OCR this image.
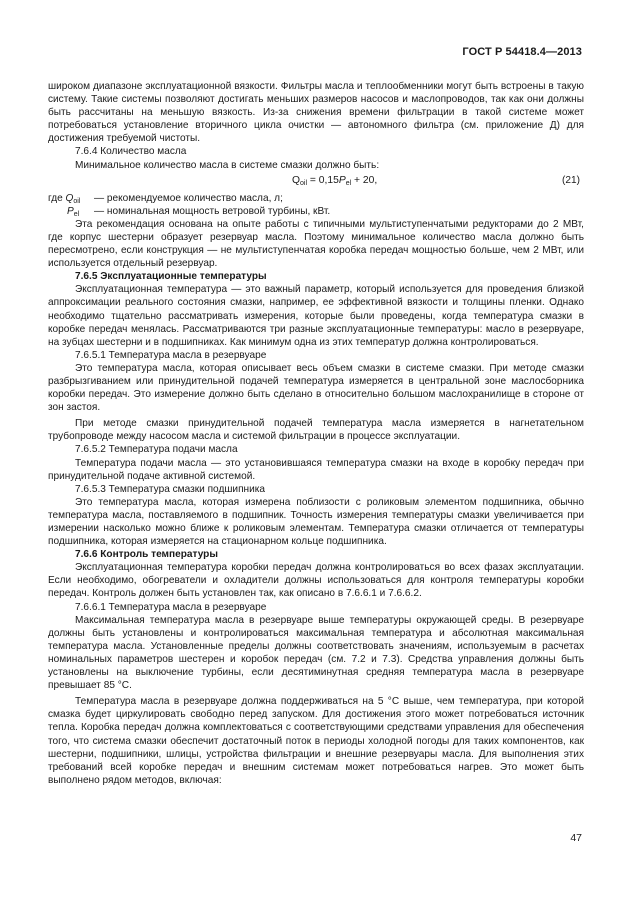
ГОСТ Р 54418.4—2013

широком диапазоне эксплуатационной вязкости. Фильтры масла и теплообменники могут быть встроены в такую систему. Такие системы позволяют достигать меньших размеров насосов и маслопроводов, так как они должны быть рассчитаны на меньшую вязкость. Из-за снижения времени фильтрации в такой системе может потребоваться установление вторичного цикла очистки — автономного фильтра (см. приложение Д) для достижения требуемой чистоты.

7.6.4 Количество масла

Минимальное количество масла в системе смазки должно быть:

$Q_{oil} = 0,15P_{el} + 20$,	(21)
где $Q_{oil}$ — рекомендуемое количество масла, л;
$P_{el}$ — номинальная мощность ветровой турбины, кВт.

Эта рекомендация основана на опыте работы с типичными мультиступенчатыми редукторами до 2 МВт, где корпус шестерни образует резервуар масла. Поэтому минимальное количество масла должно быть пересмотрено, если конструкция — не мультиступенчатая коробка передач мощностью больше, чем 2 МВт, или используется отдельный резервуар.

7.6.5 Эксплуатационные температуры

Эксплуатационная температура — это важный параметр, который используется для проведения близкой аппроксимации реального состояния смазки, например, ее эффективной вязкости и толщины пленки. Однако необходимо тщательно рассматривать измерения, которые были проведены, когда температура смазки в коробке передач менялась. Рассматриваются три разные эксплуатационные температуры: масло в резервуаре, на зубцах шестерни и в подшипниках. Как минимум одна из этих температур должна контролироваться.

7.6.5.1 Температура масла в резервуаре

Это температура масла, которая описывает весь объем смазки в системе смазки. При методе смазки разбрызгиванием или принудительной подачей температура измеряется в центральной зоне маслосборника коробки передач. Это измерение должно быть сделано в относительно большом маслохранилище в стороне от зон застоя.

При методе смазки принудительной подачей температура масла измеряется в нагнетательном трубопроводе между насосом масла и системой фильтрации в процессе эксплуатации.

7.6.5.2 Температура подачи масла

Температура подачи масла — это установившаяся температура смазки на входе в коробку передач при принудительной подаче активной системой.

7.6.5.3 Температура смазки подшипника

Это температура масла, которая измерена поблизости с роликовым элементом подшипника, обычно температура масла, поставляемого в подшипник. Точность измерения температуры смазки увеличивается при измерении насколько можно ближе к роликовым элементам. Температура смазки отличается от температуры подшипника, которая измеряется на стационарном кольце подшипника.

7.6.6 Контроль температуры

Эксплуатационная температура коробки передач должна контролироваться во всех фазах эксплуатации. Если необходимо, обогреватели и охладители должны использоваться для контроля температуры коробки передач. Контроль должен быть установлен так, как описано в 7.6.6.1 и 7.6.6.2.

7.6.6.1 Температура масла в резервуаре

Максимальная температура масла в резервуаре выше температуры окружающей среды. В резервуаре должны быть установлены и контролироваться максимальная температура и абсолютная максимальная температура масла. Установленные пределы должны соответствовать значениям, используемым в расчетах номинальных параметров шестерен и коробок передач (см. 7.2 и 7.3). Средства управления должны быть установлены на выключение турбины, если десятиминутная средняя температура масла в резервуаре превышает 85 °С.

Температура масла в резервуаре должна поддерживаться на 5 °С выше, чем температура, при которой смазка будет циркулировать свободно перед запуском. Для достижения этого может потребоваться источник тепла. Коробка передач должна комплектоваться с соответствующими средствами управления для обеспечения того, что система смазки обеспечит достаточный поток в периоды холодной погоды для таких компонентов, как шестерни, подшипники, шлицы, устройства фильтрации и внешние резервуары масла. Для выполнения этих требований всей коробке передач и внешним системам может потребоваться нагрев. Это может быть выполнено рядом методов, включая:

47
